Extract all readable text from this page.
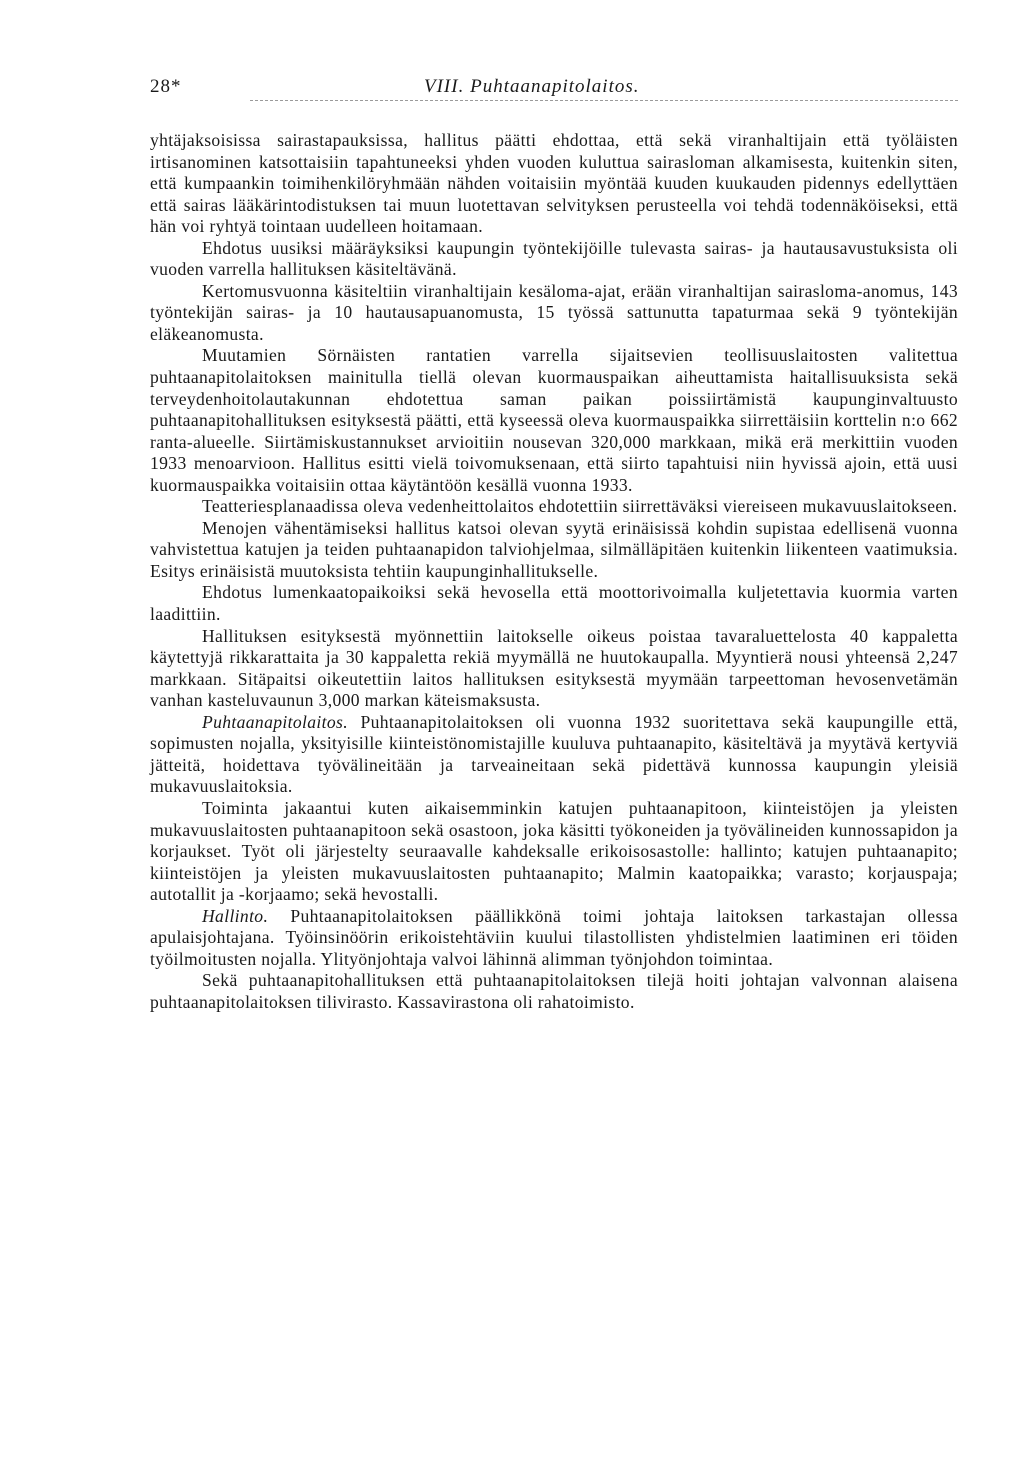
28*	VIII. Puhtaanapitolaitos.

yhtäjaksoisissa sairastapauksissa, hallitus päätti ehdottaa, että sekä viranhaltijain että työläisten irtisanominen katsottaisiin tapahtuneeksi yhden vuoden kuluttua sairasloman alkamisesta, kuitenkin siten, että kumpaankin toimihenkilöryhmään nähden voitaisiin myöntää kuuden kuukauden pidennys edellyttäen että sairas lääkärintodistuksen tai muun luotettavan selvityksen perusteella voi tehdä todennäköiseksi, että hän voi ryhtyä tointaan uudelleen hoitamaan.

Ehdotus uusiksi määräyksiksi kaupungin työntekijöille tulevasta sairas- ja hautausavustuksista oli vuoden varrella hallituksen käsiteltävänä.

Kertomusvuonna käsiteltiin viranhaltijain kesäloma-ajat, erään viranhaltijan sairasloma-anomus, 143 työntekijän sairas- ja 10 hautausapuanomusta, 15 työssä sattunutta tapaturmaa sekä 9 työntekijän eläkeanomusta.

Muutamien Sörnäisten rantatien varrella sijaitsevien teollisuuslaitosten valitettua puhtaanapitolaitoksen mainitulla tiellä olevan kuormauspaikan aiheuttamista haitallisuuksista sekä terveydenhoitolautakunnan ehdotettua saman paikan poissiirtämistä kaupunginvaltuusto puhtaanapitohallituksen esityksestä päätti, että kyseessä oleva kuormauspaikka siirrettäisiin korttelin n:o 662 ranta-alueelle. Siirtämiskustannukset arvioitiin nousevan 320,000 markkaan, mikä erä merkittiin vuoden 1933 menoarvioon. Hallitus esitti vielä toivomuksenaan, että siirto tapahtuisi niin hyvissä ajoin, että uusi kuormauspaikka voitaisiin ottaa käytäntöön kesällä vuonna 1933.

Teatteriesplanaadissa oleva vedenheittolaitos ehdotettiin siirrettäväksi viereiseen mukavuuslaitokseen.

Menojen vähentämiseksi hallitus katsoi olevan syytä erinäisissä kohdin supistaa edellisenä vuonna vahvistettua katujen ja teiden puhtaanapidon talviohjelmaa, silmälläpitäen kuitenkin liikenteen vaatimuksia. Esitys erinäisistä muutoksista tehtiin kaupunginhallitukselle.

Ehdotus lumenkaatopaikoiksi sekä hevosella että moottorivoimalla kuljetettavia kuormia varten laadittiin.

Hallituksen esityksestä myönnettiin laitokselle oikeus poistaa tavaraluettelosta 40 kappaletta käytettyjä rikkarattaita ja 30 kappaletta rekiä myymällä ne huutokaupalla. Myyntierä nousi yhteensä 2,247 markkaan. Sitäpaitsi oikeutettiin laitos hallituksen esityksestä myymään tarpeettoman hevosenvetämän vanhan kasteluvaunun 3,000 markan käteismaksusta.

Puhtaanapitolaitos. Puhtaanapitolaitoksen oli vuonna 1932 suoritettava sekä kaupungille että, sopimusten nojalla, yksityisille kiinteistönomistajille kuuluva puhtaanapito, käsiteltävä ja myytävä kertyviä jätteitä, hoidettava työvälineitään ja tarveaineitaan sekä pidettävä kunnossa kaupungin yleisiä mukavuuslaitoksia.

Toiminta jakaantui kuten aikaisemminkin katujen puhtaanapitoon, kiinteistöjen ja yleisten mukavuuslaitosten puhtaanapitoon sekä osastoon, joka käsitti työkoneiden ja työvälineiden kunnossapidon ja korjaukset. Työt oli järjestelty seuraavalle kahdeksalle erikoisosastolle: hallinto; katujen puhtaanapito; kiinteistöjen ja yleisten mukavuuslaitosten puhtaanapito; Malmin kaatopaikka; varasto; korjauspaja; autotallit ja -korjaamo; sekä hevostalli.

Hallinto. Puhtaanapitolaitoksen päällikkönä toimi johtaja laitoksen tarkastajan ollessa apulaisjohtajana. Työinsinöörin erikoistehtäviin kuului tilastollisten yhdistelmien laatiminen eri töiden työilmoitusten nojalla. Ylityönjohtaja valvoi lähinnä alimman työnjohdon toimintaa.

Sekä puhtaanapitohallituksen että puhtaanapitolaitoksen tilejä hoiti johtajan valvonnan alaisena puhtaanapitolaitoksen tilivirasto. Kassavirastona oli rahatoimisto.
